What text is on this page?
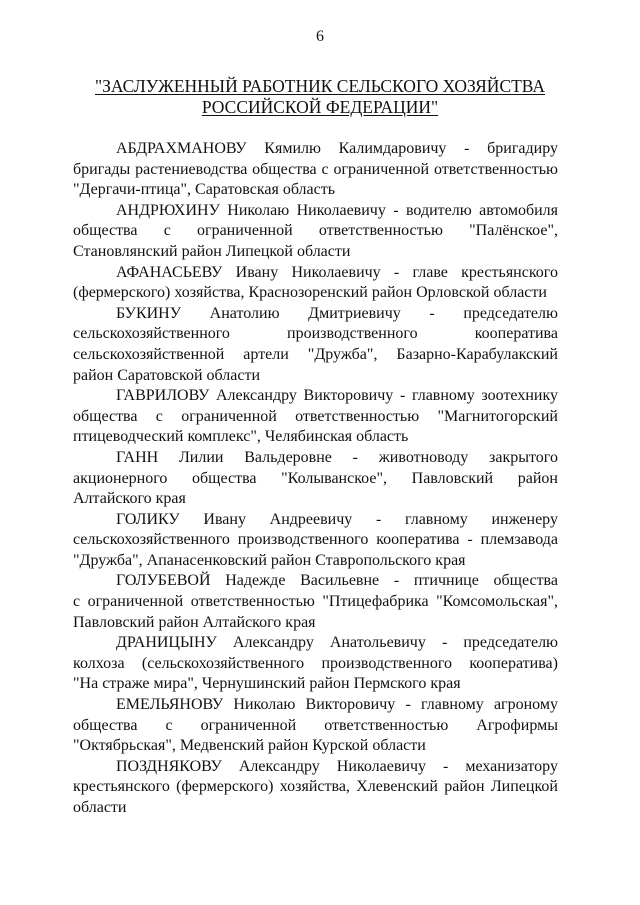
6
"ЗАСЛУЖЕННЫЙ РАБОТНИК СЕЛЬСКОГО ХОЗЯЙСТВА
РОССИЙСКОЙ ФЕДЕРАЦИИ"
АБДРАХМАНОВУ Кямилю Калимдаровичу - бригадиру
бригады растениеводства общества с ограниченной ответственностью
"Дергачи-птица", Саратовская область
АНДРЮХИНУ Николаю Николаевичу - водителю автомобиля
общества с ограниченной ответственностью "Палёнское",
Становлянский район Липецкой области
АФАНАСЬЕВУ Ивану Николаевичу - главе крестьянского
(фермерского) хозяйства, Краснозоренский район Орловской области
БУКИНУ Анатолию Дмитриевичу - председателю
сельскохозяйственного	производственного	кооператива
сельскохозяйственной артели "Дружба", Базарно-Карабулакский
район Саратовской области
ГАВРИЛОВУ Александру Викторовичу - главному зоотехнику
общества с ограниченной ответственностью "Магнитогорский
птицеводческий комплекс", Челябинская область
ГАНН Лилии Вальдеровне - животноводу закрытого
акционерного общества "Колыванское", Павловский район
Алтайского края
ГОЛИКУ Ивану Андреевичу - главному инженеру
сельскохозяйственного производственного кооператива - племзавода
"Дружба", Апанасенковский район Ставропольского края
ГОЛУБЕВОЙ Надежде Васильевне - птичнице общества
с ограниченной ответственностью "Птицефабрика "Комсомольская",
Павловский район Алтайского края
ДРАНИЦЫНУ Александру Анатольевичу - председателю
колхоза (сельскохозяйственного производственного кооператива)
"На страже мира", Чернушинский район Пермского края
ЕМЕЛЬЯНОВУ Николаю Викторовичу - главному агроному
общества с ограниченной ответственностью Агрофирмы
"Октябрьская", Медвенский район Курской области
ПОЗДНЯКОВУ Александру Николаевичу - механизатору
крестьянского (фермерского) хозяйства, Хлевенский район Липецкой
области
